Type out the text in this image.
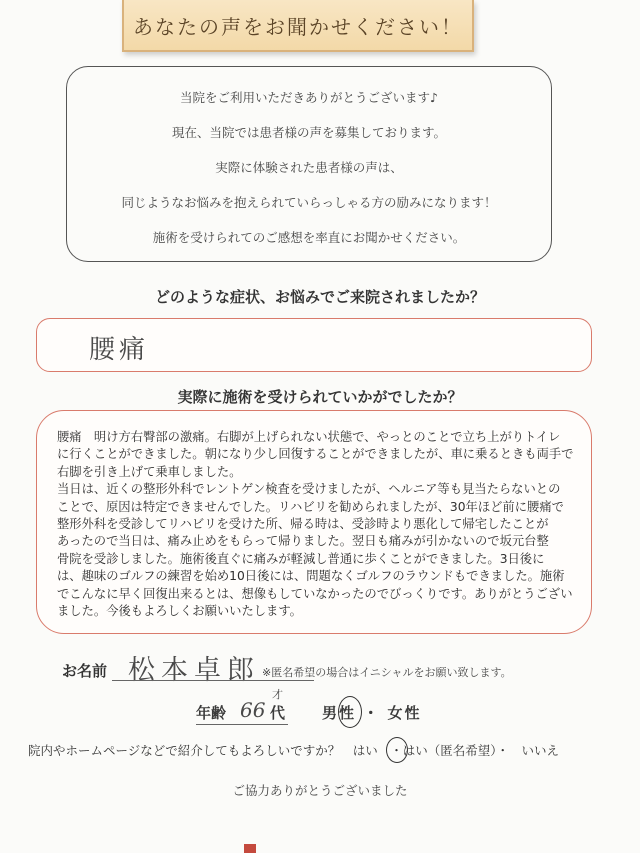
あなたの声をお聞かせください！

当院をご利用いただきありがとうございます♪

現在、当院では患者様の声を募集しております。

実際に体験された患者様の声は、

同じようなお悩みを抱えられていらっしゃる方の励みになります！

施術を受けられてのご感想を率直にお聞かせください。

どのような症状、お悩みでご来院されましたか？
腰痛
実際に施術を受けられていかがでしたか？

腰痛　明け方右臀部の激痛。右脚が上げられない状態で、やっとのことで立ち上がりトイレ

に行くことができました。朝になり少し回復することができましたが、車に乗るときも両手で

右脚を引き上げて乗車しました。

当日は、近くの整形外科でレントゲン検査を受けましたが、ヘルニア等も見当たらないとの

ことで、原因は特定できませんでした。リハビリを勧められましたが、30年ほど前に腰痛で

整形外科を受診してリハビリを受けた所、帰る時は、受診時より悪化して帰宅したことが

あったので当日は、痛み止めをもらって帰りました。翌日も痛みが引かないので坂元台整

骨院を受診しました。施術後直ぐに痛みが軽減し普通に歩くことができました。3日後に

は、趣味のゴルフの練習を始め10日後には、問題なくゴルフのラウンドもできました。施術

でこんなに早く回復出来るとは、想像もしていなかったのでびっくりです。ありがとうござい

ました。今後もよろしくお願いいたします。

お名前 松本卓郎 ※匿名希望の場合はイニシャルをお願い致します。
年齢 66
才
代 男性 ・ 女性
院内やホームページなどで紹介してもよろしいですか？　はい　・はい（匿名希望）・　いいえ
ご協力ありがとうございました
